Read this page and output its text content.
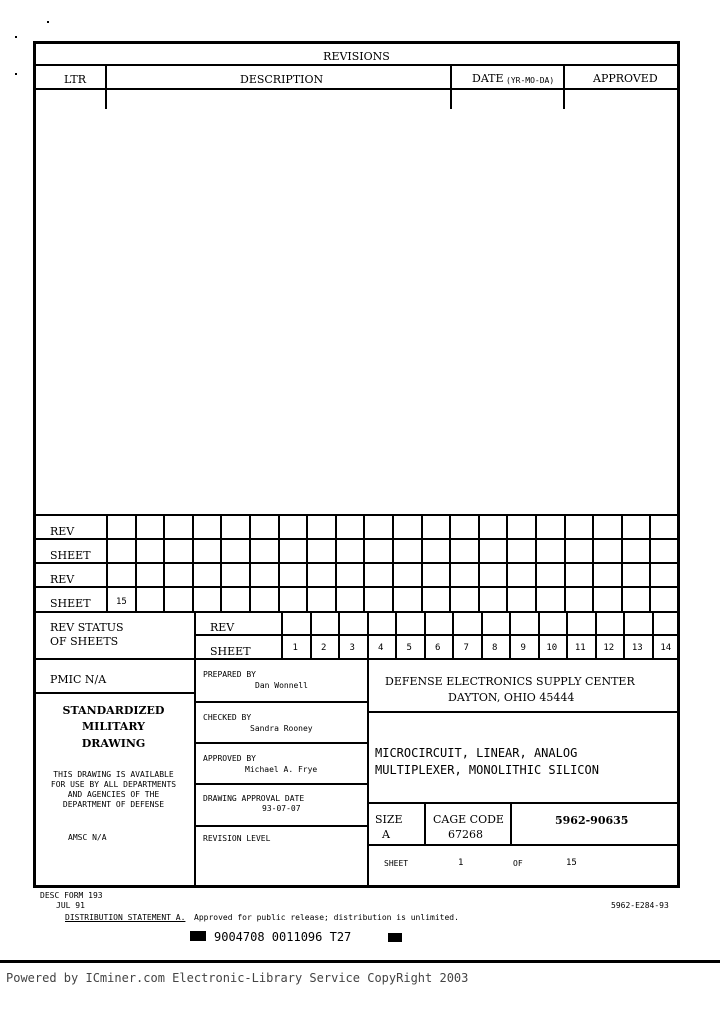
REVISIONS
LTR	DESCRIPTION	DATE (YR-MO-DA)	APPROVED
REV
SHEET
REV
SHEET	15
REV STATUS
OF SHEETS
REV
SHEET	1	2	3	4	5	6	7	8	9	10	11	12	13	14
PMIC N/A
STANDARDIZED
MILITARY
DRAWING
THIS DRAWING IS AVAILABLE
FOR USE BY ALL DEPARTMENTS
AND AGENCIES OF THE
DEPARTMENT OF DEFENSE
AMSC N/A
PREPARED BY
Dan Wonnell
CHECKED BY
Sandra Rooney
APPROVED BY
Michael A. Frye
DRAWING APPROVAL DATE
93-07-07
REVISION LEVEL
DEFENSE ELECTRONICS SUPPLY CENTER
DAYTON, OHIO 45444
MICROCIRCUIT, LINEAR, ANALOG
MULTIPLEXER, MONOLITHIC SILICON
SIZE
A
CAGE CODE
67268
5962-90635
SHEET	1	OF	15
DESC FORM 193
JUL 91	5962-E284-93
DISTRIBUTION STATEMENT A. Approved for public release; distribution is unlimited.
9004708 0011096 T27
Powered by ICminer.com Electronic-Library Service CopyRight 2003
